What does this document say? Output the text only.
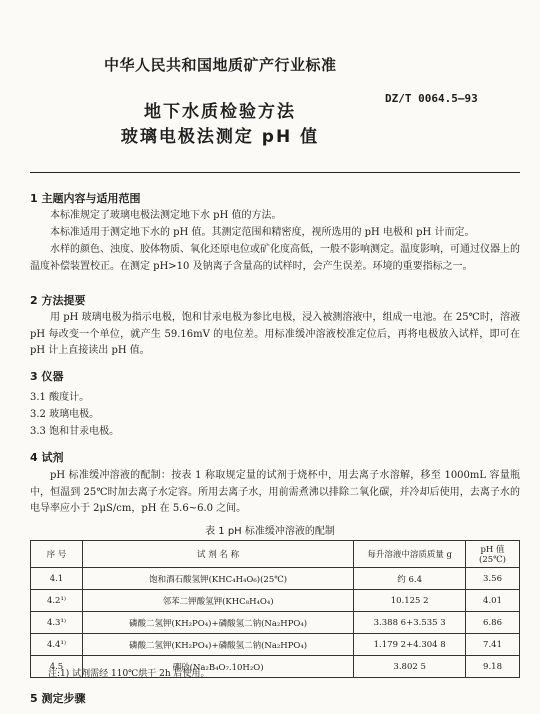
中华人民共和国地质矿产行业标准
DZ/T 0064.5—93
地下水质检验方法
玻璃电极法测定 pH 值
1 主题内容与适用范围
本标准规定了玻璃电极法测定地下水 pH 值的方法。
本标准适用于测定地下水的 pH 值。其测定范围和精密度，视所选用的 pH 电极和 pH 计而定。
水样的颜色、浊度、胶体物质、氧化还原电位或矿化度高低，一般不影响测定。温度影响，可通过仪器上的温度补偿装置校正。在测定 pH>10 及钠离子含量高的试样时，会产生误差。环境的重要指标之一。
2 方法提要
用 pH 玻璃电极为指示电极，饱和甘汞电极为参比电极，浸入被测溶液中，组成一电池。在 25℃时，溶液 pH 每改变一个单位，就产生 59.16mV 的电位差。用标准缓冲溶液校准定位后，再将电极放入试样，即可在 pH 计上直接读出 pH 值。
3 仪器
3.1 酸度计。
3.2 玻璃电极。
3.3 饱和甘汞电极。
4 试剂
pH 标准缓冲溶液的配制：按表 1 称取规定量的试剂于烧杯中，用去离子水溶解，移至 1000mL 容量瓶中，恒温到 25℃时加去离子水定容。所用去离子水，用前需煮沸以排除二氧化碳，并冷却后使用，去离子水的电导率应小于 2μS/cm，pH 在 5.6~6.0 之间。
表 1 pH 标准缓冲溶液的配制
序 号	试 剂 名 称	每升溶液中溶质质量 g	pH 值 (25℃)
4.1	饱和酒石酸氢钾(KHC₄H₄O₆)(25℃)	约 6.4	3.56
4.2¹⁾	邻苯二钾酸氢钾(KHC₈H₄O₄)	10.125 2	4.01
4.3¹⁾	磷酸二氢钾(KH₂PO₄)+磷酸氢二钠(Na₂HPO₄)	3.388 6+3.535 3	6.86
4.4¹⁾	磷酸二氢钾(KH₂PO₄)+磷酸氢二钠(Na₂HPO₄)	1.179 2+4.304 8	7.41
4.5	硼砂(Na₂B₄O₇.10H₂O)	3.802 5	9.18
注:1) 试剂需经 110℃烘干 2h 后使用。
5 测定步骤
